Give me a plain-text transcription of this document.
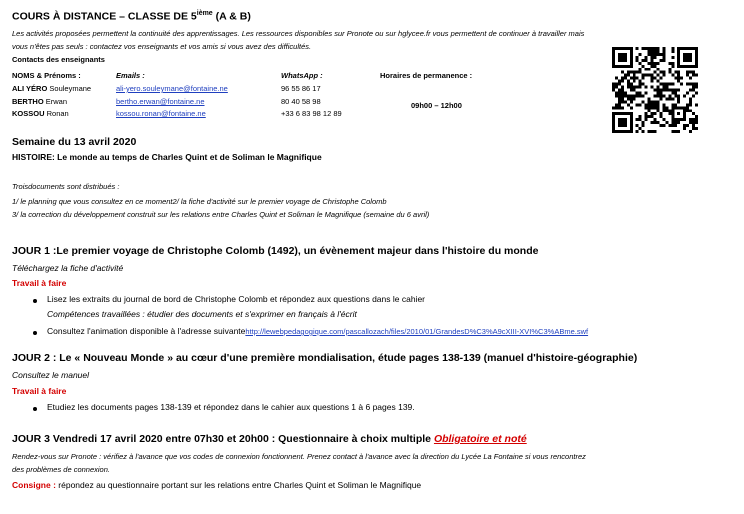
COURS À DISTANCE – CLASSE DE 5ième (A & B)
Les activités proposées permettent la continuité des apprentissages. Les ressources disponibles sur Pronote ou sur hglycee.fr vous permettent de continuer à travailler mais
vous n'êtes pas seuls : contactez vos enseignants et vos amis si vous avez des difficultés.
Contacts des enseignants
NOMS & Prénoms :	Emails :	WhatsApp :	Horaires de permanence :
ALI YÉRO Souleymane	ali-yero.souleymane@fontaine.ne	96 55 86 17
BERTHO Erwan	bertho.erwan@fontaine.ne	80 40 58 98	09h00 – 12h00
KOSSOU Ronan	kossou.ronan@fontaine.ne	+33 6 83 98 12 89
Semaine du 13 avril 2020
HISTOIRE: Le monde au temps de Charles Quint et de Soliman le Magnifique
Troisdocuments sont distribués :
1/ le planning que vous consultez en ce moment2/ la fiche d'activité sur le premier voyage de Christophe Colomb
3/ la correction du développement construit sur les relations entre Charles Quint et Soliman le Magnifique (semaine du 6 avril)
JOUR 1 :Le premier voyage de Christophe Colomb (1492), un évènement majeur dans l'histoire du monde
Téléchargez la fiche d'activité
Travail à faire
Lisez les extraits du journal de bord de Christophe Colomb et répondez aux questions dans le cahier
Compétences travaillées : étudier des documents et s'exprimer en français à l'écrit
Consultez l'animation disponible à l'adresse suivantehttp://lewebpedagogique.com/pascallozach/files/2010/01/GrandesD%C3%A9cXIII-XVI%C3%ABme.swf
JOUR 2 : Le « Nouveau Monde » au cœur d'une première mondialisation, étude pages 138-139 (manuel d'histoire-géographie)
Consultez le manuel
Travail à faire
Etudiez les documents pages 138-139 et répondez dans le cahier aux questions 1 à 6 pages 139.
JOUR 3 Vendredi 17 avril 2020 entre 07h30 et 20h00 : Questionnaire à choix multiple Obligatoire et noté
Rendez-vous sur Pronote : vérifiez à l'avance que vos codes de connexion fonctionnent. Prenez contact à l'avance avec la direction du Lycée La Fontaine si vous rencontrez
des problèmes de connexion.
Consigne : répondez au questionnaire portant sur les relations entre Charles Quint et Soliman le Magnifique
